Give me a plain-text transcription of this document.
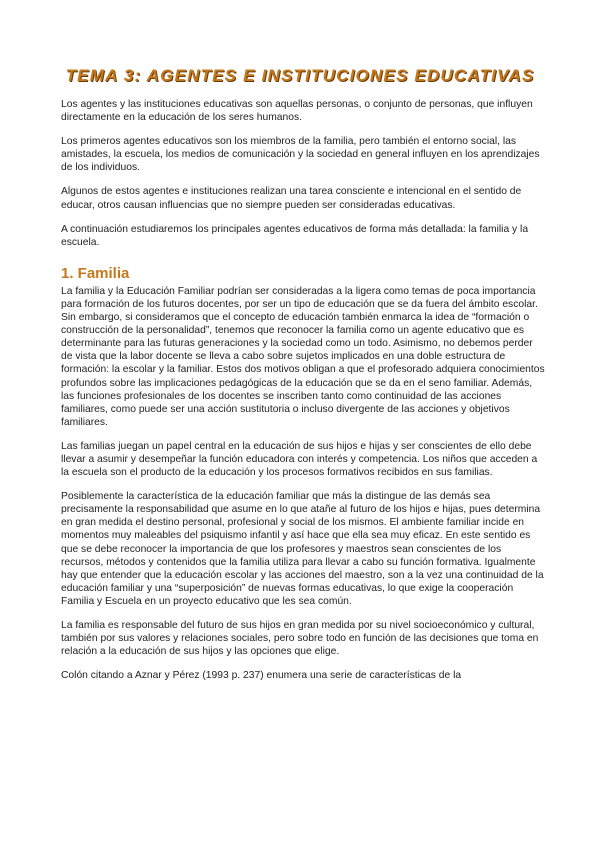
TEMA 3: AGENTES E INSTITUCIONES EDUCATIVAS

Los agentes y las instituciones educativas son aquellas personas, o conjunto de personas, que influyen directamente en la educación de los seres humanos.

Los primeros agentes educativos son los miembros de la familia, pero también el entorno social, las amistades, la escuela, los medios de comunicación y la sociedad en general influyen en los aprendizajes de los individuos.

Algunos de estos agentes e instituciones realizan una tarea consciente e intencional en el sentido de educar, otros causan influencias que no siempre pueden ser consideradas educativas.

A continuación estudiaremos los principales agentes educativos de forma más detallada: la familia y la escuela.

1. Familia

La familia y la Educación Familiar podrían ser consideradas a la ligera como temas de poca importancia para formación de los futuros docentes, por ser un tipo de educación que se da fuera del ámbito escolar. Sin embargo, si consideramos que el concepto de educación también enmarca la idea de “formación o construcción de la personalidad”, tenemos que reconocer la familia como un agente educativo que es determinante para las futuras generaciones y la sociedad como un todo. Asimismo, no debemos perder de vista que la labor docente se lleva a cabo sobre sujetos implicados en una doble estructura de formación: la escolar y la familiar. Estos dos motivos obligan a que el profesorado adquiera conocimientos profundos sobre las implicaciones pedagógicas de la educación que se da en el seno familiar. Además, las funciones profesionales de los docentes se inscriben tanto como continuidad de las acciones familiares, como puede ser una acción sustitutoria o incluso divergente de las acciones y objetivos familiares.

Las familias juegan un papel central en la educación de sus hijos e hijas y ser conscientes de ello debe llevar a asumir y desempeñar la función educadora con interés y competencia. Los niños que acceden a la escuela son el producto de la educación y los procesos formativos recibidos en sus familias.

Posiblemente la característica de la educación familiar que más la distingue de las demás sea precisamente la responsabilidad que asume en lo que atañe al futuro de los hijos e hijas, pues determina en gran medida el destino personal, profesional y social de los mismos. El ambiente familiar incide en momentos muy maleables del psiquismo infantil y así hace que ella sea muy eficaz. En este sentido es que se debe reconocer la importancia de que los profesores y maestros sean conscientes de los recursos, métodos y contenidos que la familia utiliza para llevar a cabo su función formativa. Igualmente hay que entender que la educación escolar y las acciones del maestro, son a la vez una continuidad de la educación familiar y una “superposición” de nuevas formas educativas, lo que exige la cooperación Familia y Escuela en un proyecto educativo que les sea común.

La familia es responsable del futuro de sus hijos en gran medida por su nivel socioeconómico y cultural, también por sus valores y relaciones sociales, pero sobre todo en función de las decisiones que toma en relación a la educación de sus hijos y las opciones que elige.

Colón citando a Aznar y Pérez (1993 p. 237) enumera una serie de características de la
